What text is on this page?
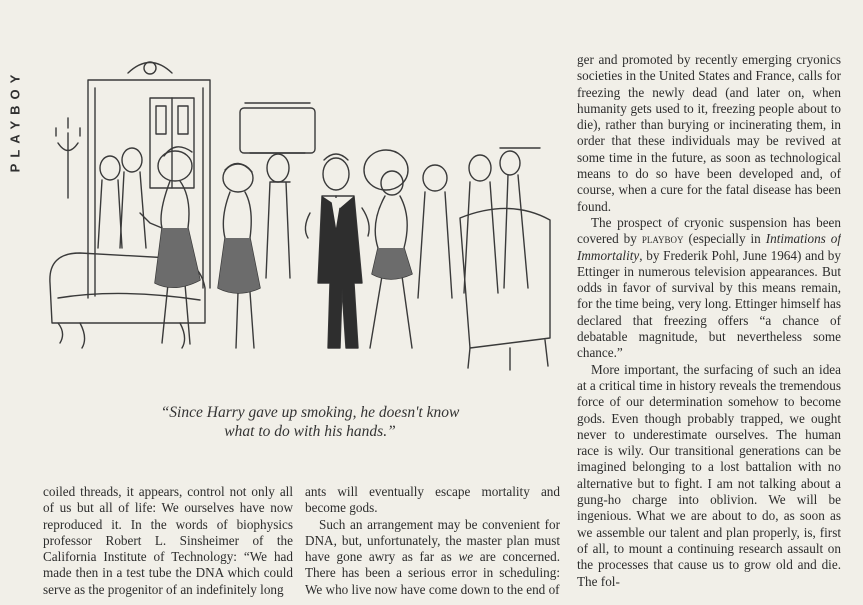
PLAYBOY
“Since Harry gave up smoking, he doesn't know
what to do with his hands.”

coiled threads, it appears, control not only all of us but all of life: We ourselves have now reproduced it. In the words of biophysics professor Robert L. Sinsheimer of the California Institute of Technology: “We had made then in a test tube the DNA which could serve as the progenitor of an indefinitely long

ants will eventually escape mortality and become gods.

Such an arrangement may be convenient for DNA, but, unfortunately, the master plan must have gone awry as far as we are concerned. There has been a serious error in scheduling: We who live now have come down to the end of

ger and promoted by recently emerging cryonics societies in the United States and France, calls for freezing the newly dead (and later on, when humanity gets used to it, freezing people about to die), rather than burying or incinerating them, in order that these individuals may be revived at some time in the future, as soon as technological means to do so have been developed and, of course, when a cure for the fatal disease has been found.

The prospect of cryonic suspension has been covered by playboy (especially in Intimations of Immortality, by Frederik Pohl, June 1964) and by Ettinger in numerous television appearances. But odds in favor of survival by this means remain, for the time being, very long. Ettinger himself has declared that freezing offers “a chance of debatable magnitude, but nevertheless some chance.”

More important, the surfacing of such an idea at a critical time in history reveals the tremendous force of our determination somehow to become gods. Even though probably trapped, we ought never to underestimate ourselves. The human race is wily. Our transitional generations can be imagined belonging to a lost battalion with no alternative but to fight. I am not talking about a gung-ho charge into oblivion. We will be ingenious. What we are about to do, as soon as we assemble our talent and plan properly, is, first of all, to mount a continuing research assault on the processes that cause us to grow old and die. The fol-
